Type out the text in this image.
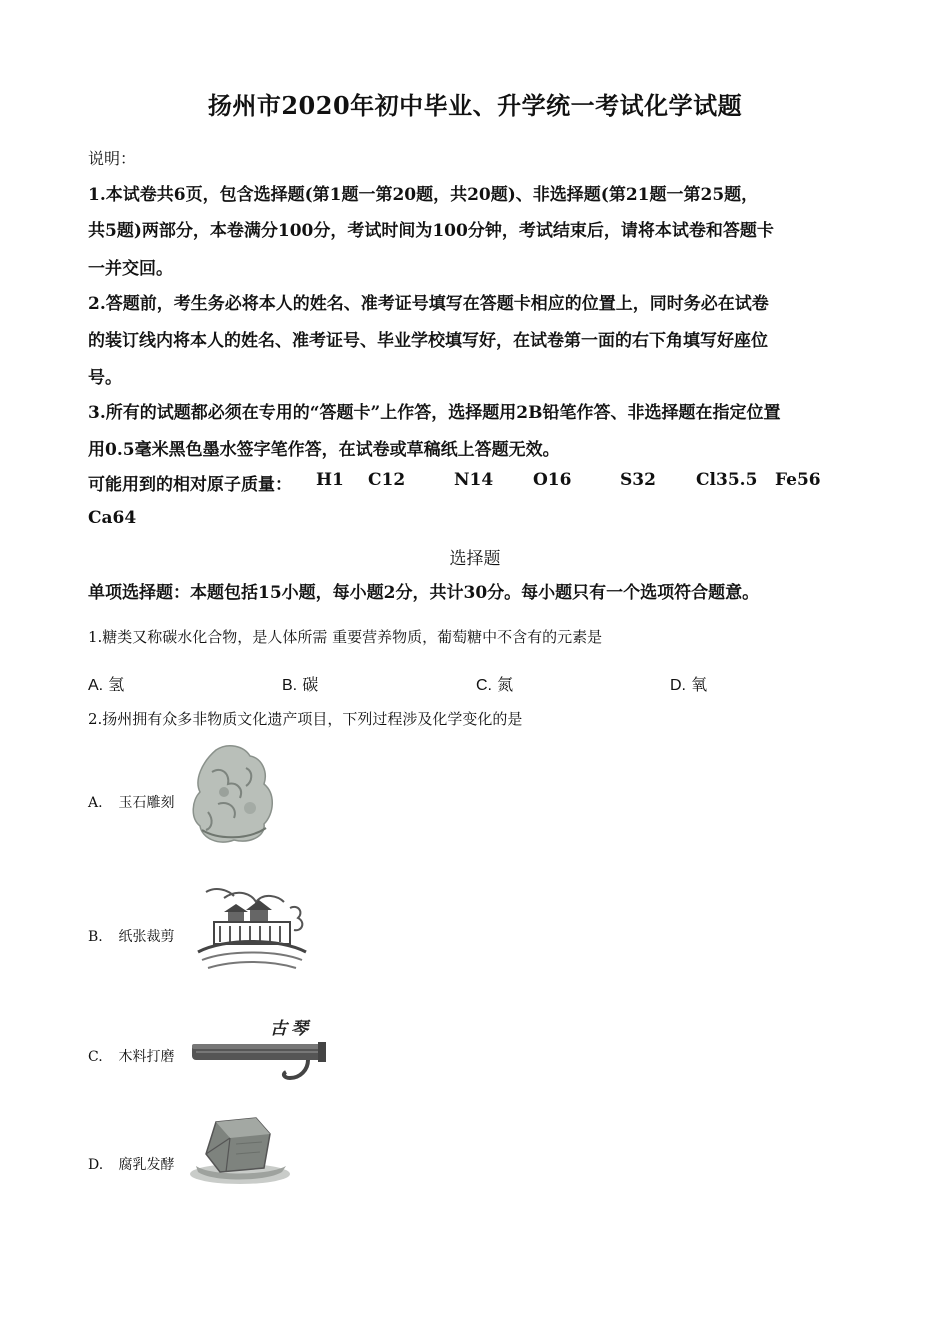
扬州市2020年初中毕业、升学统一考试化学试题
说明：
1.本试卷共6页，包含选择题(第1题一第20题，共20题)、非选择题(第21题一第25题，
共5题)两部分，本卷满分100分，考试时间为100分钟，考试结束后，请将本试卷和答题卡
一并交回。
2.答题前，考生务必将本人的姓名、准考证号填写在答题卡相应的位置上，同时务必在试卷
的装订线内将本人的姓名、准考证号、毕业学校填写好，在试卷第一面的右下角填写好座位
号。
3.所有的试题都必须在专用的“答题卡”上作答，选择题用2B铅笔作答、非选择题在指定位置
用0.5毫米黑色墨水签字笔作答，在试卷或草稿纸上答题无效。
可能用到的相对原子质量： H1 C12	N14 O16	S32 Cl35.5 Fe56
Ca64
选择题
单项选择题：本题包括15小题，每小题2分，共计30分。每小题只有一个选项符合题意。
1.糖类又称碳水化合物，是人体所需 重要营养物质，葡萄糖中不含有的元素是
A. 氢	B. 碳	C. 氮	D. 氧
2.扬州拥有众多非物质文化遗产项目，下列过程涉及化学变化的是
A. 玉石雕刻
B. 纸张裁剪
C. 木料打磨
古琴
D. 腐乳发酵
